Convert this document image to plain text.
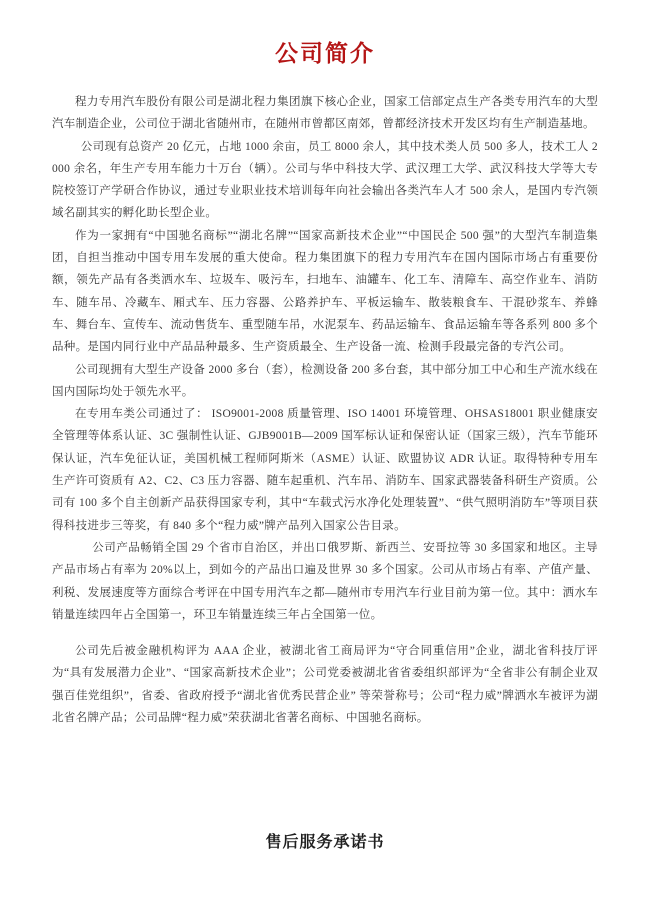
公司简介

程力专用汽车股份有限公司是湖北程力集团旗下核心企业，国家工信部定点生产各类专用汽车的大型汽车制造企业，公司位于湖北省随州市，在随州市曾都区南郊，曾都经济技术开发区均有生产制造基地。

公司现有总资产 20 亿元，占地 1000 余亩，员工 8000 余人，其中技术类人员 500 多人，技术工人 2000 余名，年生产专用车能力十万台（辆）。公司与华中科技大学、武汉理工大学、武汉科技大学等大专院校签订产学研合作协议，通过专业职业技术培训每年向社会输出各类汽车人才 500 余人，是国内专汽领域名副其实的孵化助长型企业。

作为一家拥有“中国驰名商标”“湖北名牌”“国家高新技术企业”“中国民企 500 强”的大型汽车制造集团，自担当推动中国专用车发展的重大使命。程力集团旗下的程力专用汽车在国内国际市场占有重要份额，领先产品有各类洒水车、垃圾车、吸污车，扫地车、油罐车、化工车、清障车、高空作业车、消防车、随车吊、冷藏车、厢式车、压力容器、公路养护车、平板运输车、散装粮食车、干混砂浆车、养蜂车、舞台车、宣传车、流动售货车、重型随车吊，水泥泵车、药品运输车、食品运输车等各系列 800 多个品种。是国内同行业中产品品种最多、生产资质最全、生产设备一流、检测手段最完备的专汽公司。

公司现拥有大型生产设备 2000 多台（套），检测设备 200 多台套，其中部分加工中心和生产流水线在国内国际均处于领先水平。

在专用车类公司通过了： ISO9001-2008 质量管理、ISO 14001 环境管理、OHSAS18001 职业健康安全管理等体系认证、3C 强制性认证、GJB9001B—2009 国军标认证和保密认证（国家三级），汽车节能环保认证，汽车免征认证，美国机械工程师阿斯米（ASME）认证、欧盟协议 ADR 认证。取得特种专用车生产许可资质有 A2、C2、C3 压力容器、随车起重机、汽车吊、消防车、国家武器装备科研生产资质。公司有 100 多个自主创新产品获得国家专利，其中“车载式污水净化处理装置”、“供气照明消防车”等项目获得科技进步三等奖，有 840 多个“程力威”牌产品列入国家公告目录。

公司产品畅销全国 29 个省市自治区，并出口俄罗斯、新西兰、安哥拉等 30 多国家和地区。主导产品市场占有率为 20%以上，到如今的产品出口遍及世界 30 多个国家。公司从市场占有率、产值产量、利税、发展速度等方面综合考评在中国专用汽车之都—随州市专用汽车行业目前为第一位。其中：洒水车销量连续四年占全国第一，环卫车销量连续三年占全国第一位。

公司先后被金融机构评为 AAA 企业，被湖北省工商局评为“守合同重信用”企业，湖北省科技厅评为“具有发展潜力企业”、“国家高新技术企业”；公司党委被湖北省省委组织部评为“全省非公有制企业双强百佳党组织”，省委、省政府授予“湖北省优秀民营企业” 等荣誉称号；公司“程力威”牌洒水车被评为湖北省名牌产品；公司品牌“程力威”荣获湖北省著名商标、中国驰名商标。

售后服务承诺书
